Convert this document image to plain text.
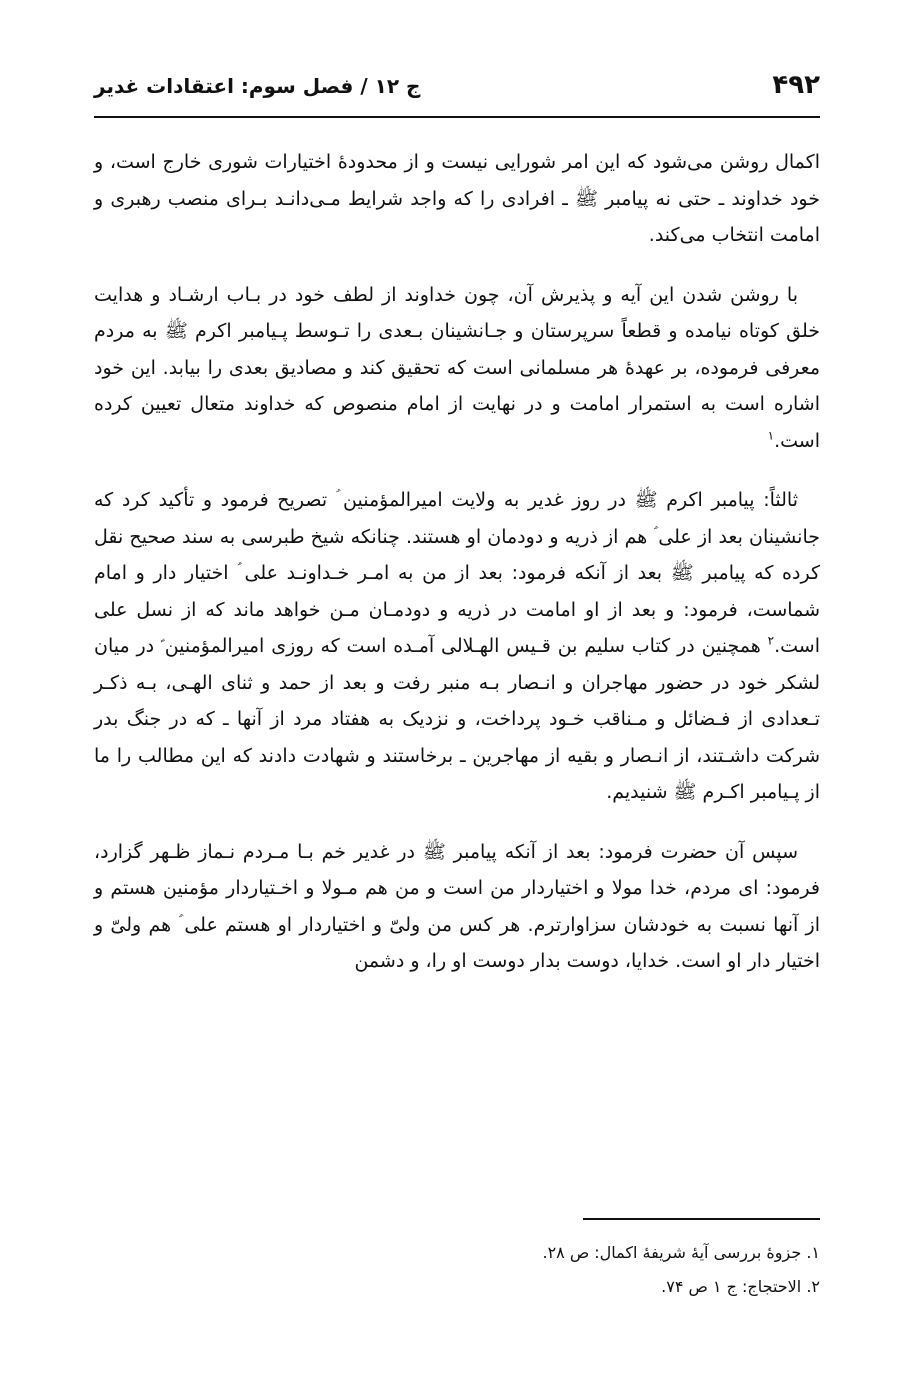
۴۹۲
ج ۱۲ / فصل سوم: اعتقادات غدیر

اکمال روشن می‌شود که این امر شورایی نیست و از محدودهٔ اختیارات شوری خارج است، و خود خداوند ـ حتی نه پیامبر ﷺ ـ افرادی را که واجد شرایط مـی‌دانـد بـرای منصب رهبری و امامت انتخاب می‌کند.

با روشن شدن این آیه و پذیرش آن، چون خداوند از لطف خود در بـاب ارشـاد و هدایت خلق کوتاه نیامده و قطعاً سرپرستان و جـانشینان بـعدی را تـوسط پـیامبر اکرم ﷺ به مردم معرفی فرموده، بر عهدهٔ هر مسلمانی است که تحقیق کند و مصادیق بعدی را بیابد. این خود اشاره است به استمرار امامت و در نهایت از امام منصوص که خداوند متعال تعیین کرده است.$^۱$

ثالثاً: پیامبر اکرم ﷺ در روز غدیر به ولایت امیرالمؤمنین ؑ تصریح فرمود و تأکید کرد که جانشینان بعد از علی ؑ هم از ذریه و دودمان او هستند. چنانکه شیخ طبرسی به سند صحیح نقل کرده که پیامبر ﷺ بعد از آنکه فرمود: بعد از من به امـر خـداونـد علی ؑ اختیار دار و امام شماست، فرمود: و بعد از او امامت در ذریه و دودمـان مـن خواهد ماند که از نسل علی است.$^۲$ همچنین در کتاب سلیم بن قـیس الهـلالی آمـده است که روزی امیرالمؤمنین ؑ در میان لشکر خود در حضور مهاجران و انـصار بـه منبر رفت و بعد از حمد و ثنای الهـی، بـه ذکـر تـعدادی از فـضائل و مـناقب خـود پرداخت، و نزدیک به هفتاد مرد از آنها ـ که در جنگ بدر شرکت داشـتند، از انـصار و بقیه از مهاجرین ـ برخاستند و شهادت دادند که این مطالب را ما از پـیامبر اکـرم ﷺ شنیدیم.

سپس آن حضرت فرمود: بعد از آنکه پیامبر ﷺ در غدیر خم بـا مـردم نـماز ظـهر گزارد، فرمود: ای مردم، خدا مولا و اختیاردار من است و من هم مـولا و اخـتیاردار مؤمنین هستم و از آنها نسبت به خودشان سزاوارترم. هر کس من ولیّ و اختیاردار او هستم علی ؑ هم ولیّ و اختیار دار او است. خدایا، دوست بدار دوست او را، و دشمن

۱. جزوهٔ بررسی آیهٔ شریفهٔ اکمال: ص ۲۸.
۲. الاحتجاج: ج ۱ ص ۷۴.
